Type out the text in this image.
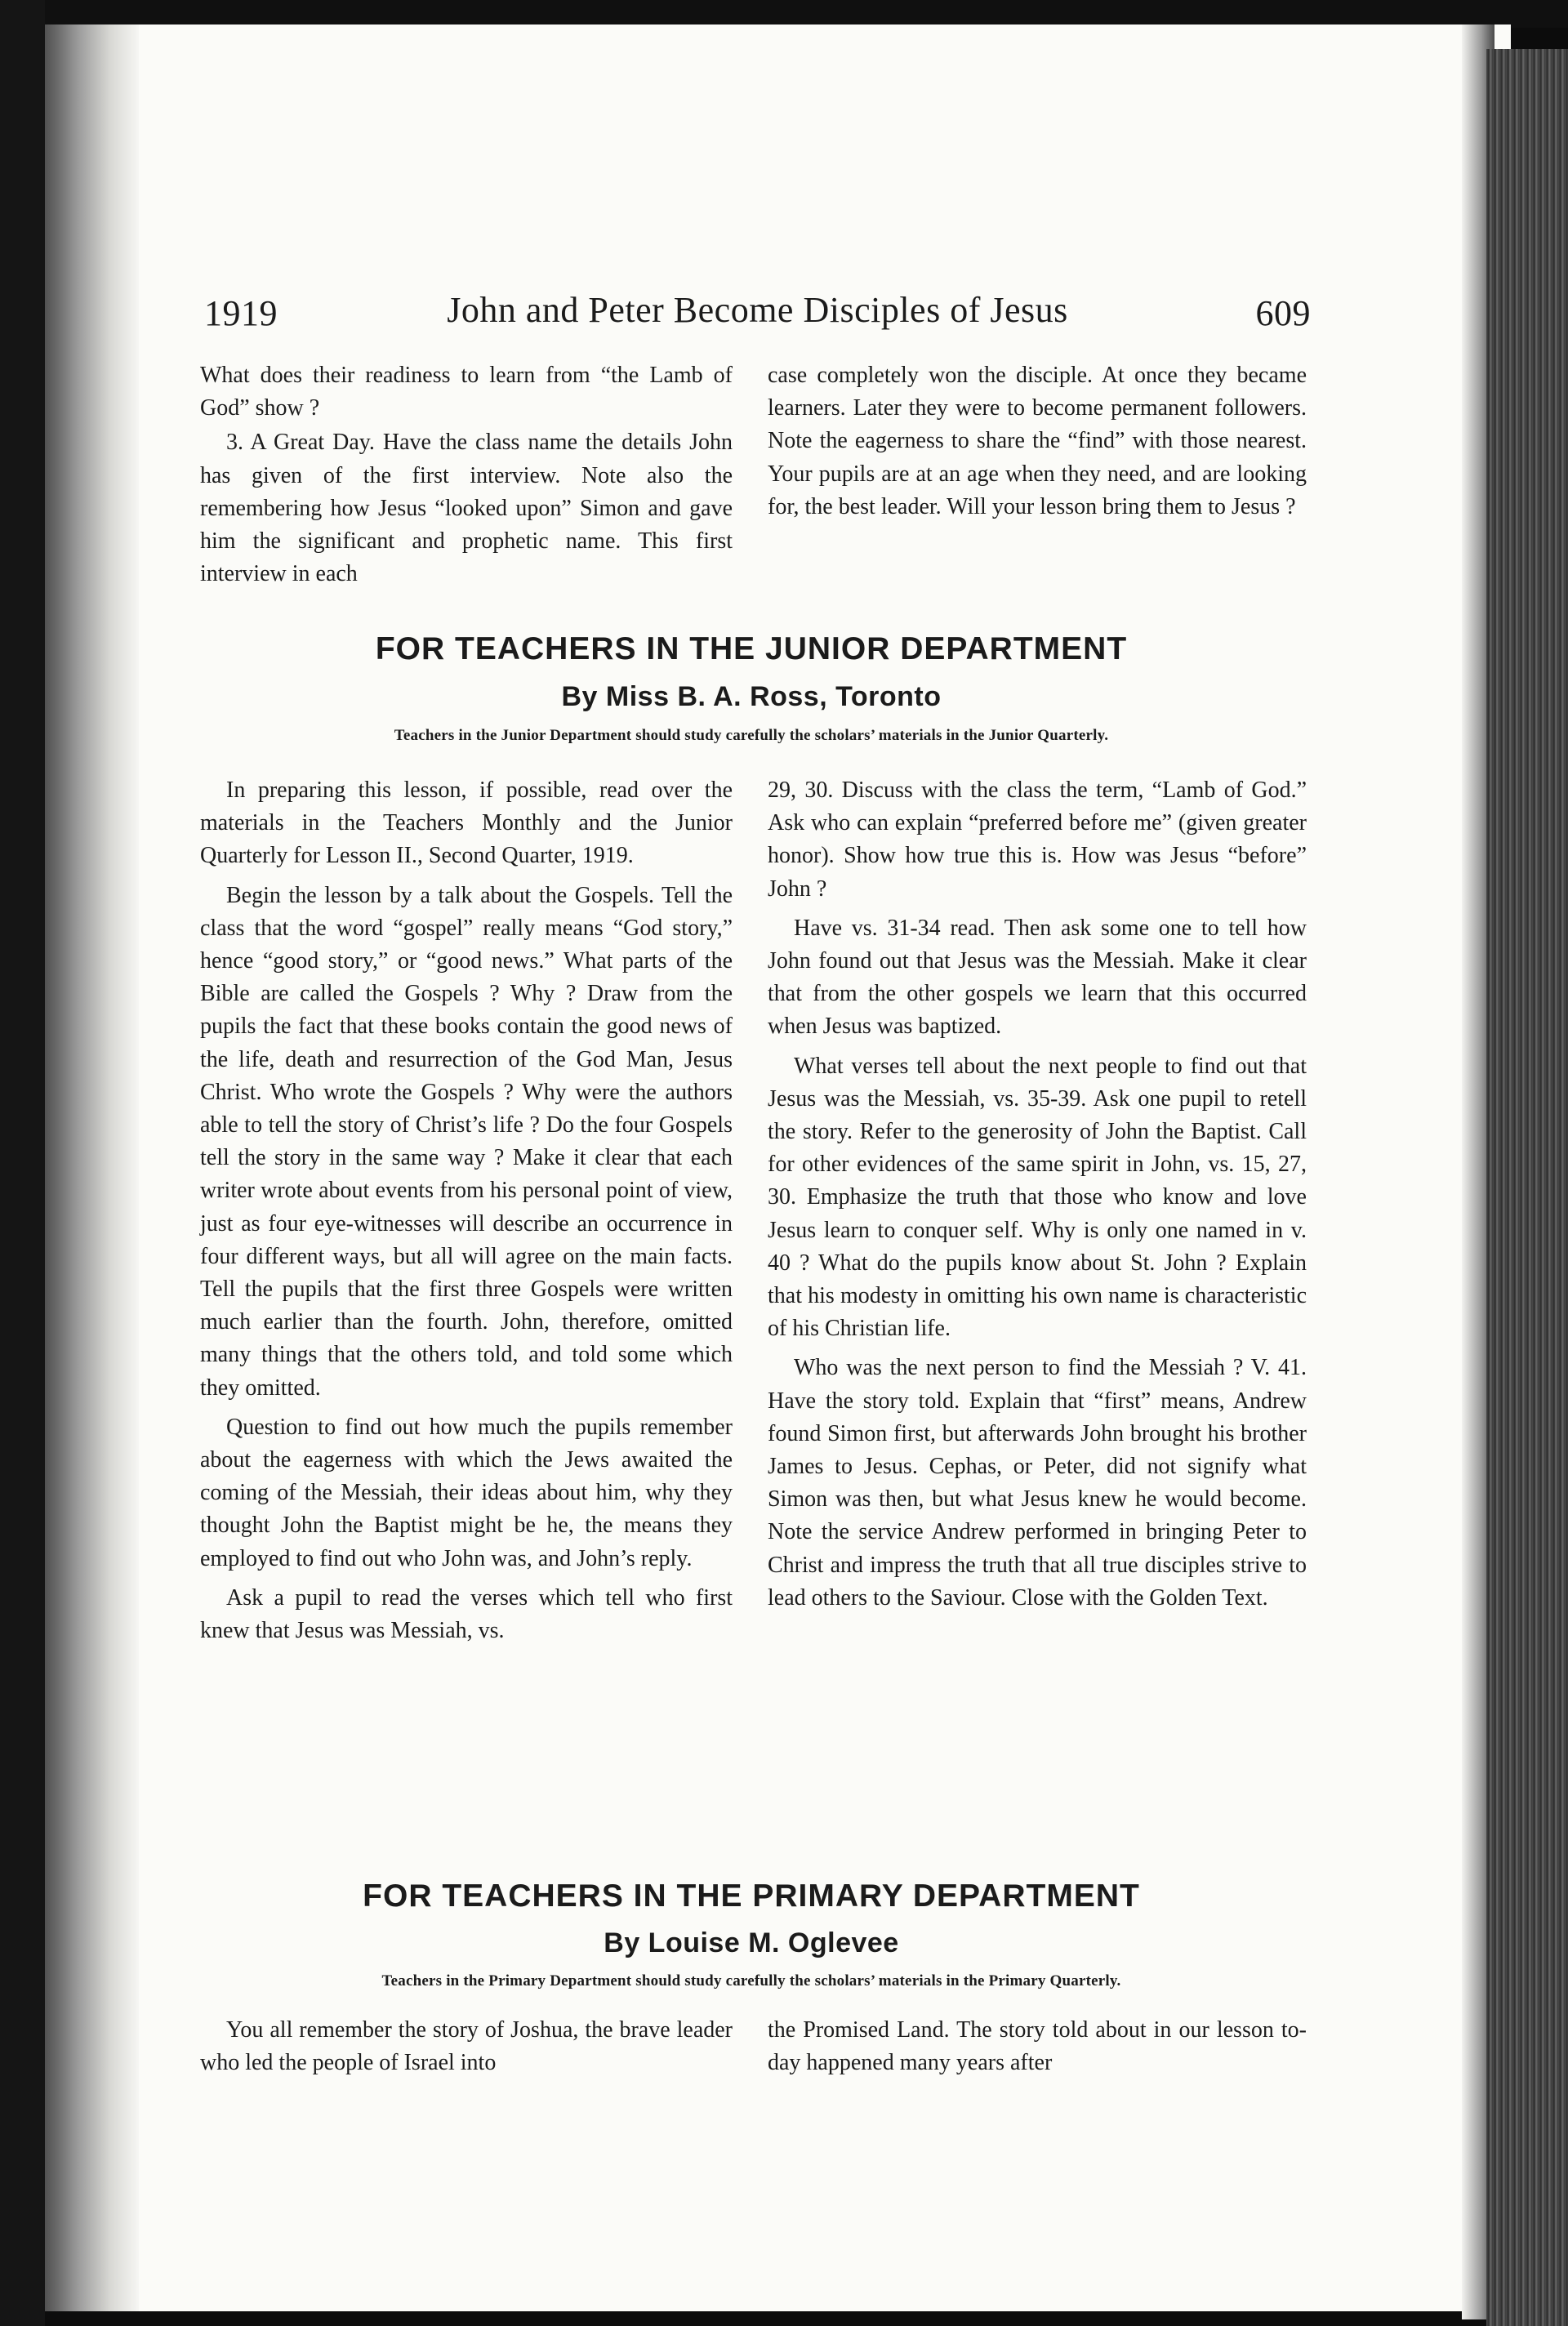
1919	John and Peter Become Disciples of Jesus	609

What does their readiness to learn from “the Lamb of God” show ?

3. A Great Day. Have the class name the details John has given of the first interview. Note also the remembering how Jesus “looked upon” Simon and gave him the significant and prophetic name. This first interview in each

case completely won the disciple. At once they became learners. Later they were to become permanent followers. Note the eagerness to share the “find” with those nearest. Your pupils are at an age when they need, and are looking for, the best leader. Will your lesson bring them to Jesus ?

FOR TEACHERS IN THE JUNIOR DEPARTMENT
By Miss B. A. Ross, Toronto
Teachers in the Junior Department should study carefully the scholars’ materials in the Junior Quarterly.

In preparing this lesson, if possible, read over the materials in the Teachers Monthly and the Junior Quarterly for Lesson II., Second Quarter, 1919.

Begin the lesson by a talk about the Gospels. Tell the class that the word “gospel” really means “God story,” hence “good story,” or “good news.” What parts of the Bible are called the Gospels ? Why ? Draw from the pupils the fact that these books contain the good news of the life, death and resurrection of the God Man, Jesus Christ. Who wrote the Gospels ? Why were the authors able to tell the story of Christ’s life ? Do the four Gospels tell the story in the same way ? Make it clear that each writer wrote about events from his personal point of view, just as four eye-witnesses will describe an occurrence in four different ways, but all will agree on the main facts. Tell the pupils that the first three Gospels were written much earlier than the fourth. John, therefore, omitted many things that the others told, and told some which they omitted.

Question to find out how much the pupils remember about the eagerness with which the Jews awaited the coming of the Messiah, their ideas about him, why they thought John the Baptist might be he, the means they employed to find out who John was, and John’s reply.

Ask a pupil to read the verses which tell who first knew that Jesus was Messiah, vs.

29, 30. Discuss with the class the term, “Lamb of God.” Ask who can explain “preferred before me” (given greater honor). Show how true this is. How was Jesus “before” John ?

Have vs. 31-34 read. Then ask some one to tell how John found out that Jesus was the Messiah. Make it clear that from the other gospels we learn that this occurred when Jesus was baptized.

What verses tell about the next people to find out that Jesus was the Messiah, vs. 35-39. Ask one pupil to retell the story. Refer to the generosity of John the Baptist. Call for other evidences of the same spirit in John, vs. 15, 27, 30. Emphasize the truth that those who know and love Jesus learn to conquer self. Why is only one named in v. 40 ? What do the pupils know about St. John ? Explain that his modesty in omitting his own name is characteristic of his Christian life.

Who was the next person to find the Messiah ? V. 41. Have the story told. Explain that “first” means, Andrew found Simon first, but afterwards John brought his brother James to Jesus. Cephas, or Peter, did not signify what Simon was then, but what Jesus knew he would become. Note the service Andrew performed in bringing Peter to Christ and impress the truth that all true disciples strive to lead others to the Saviour. Close with the Golden Text.

FOR TEACHERS IN THE PRIMARY DEPARTMENT
By Louise M. Oglevee
Teachers in the Primary Department should study carefully the scholars’ materials in the Primary Quarterly.

You all remember the story of Joshua, the brave leader who led the people of Israel into

the Promised Land. The story told about in our lesson to-day happened many years after
